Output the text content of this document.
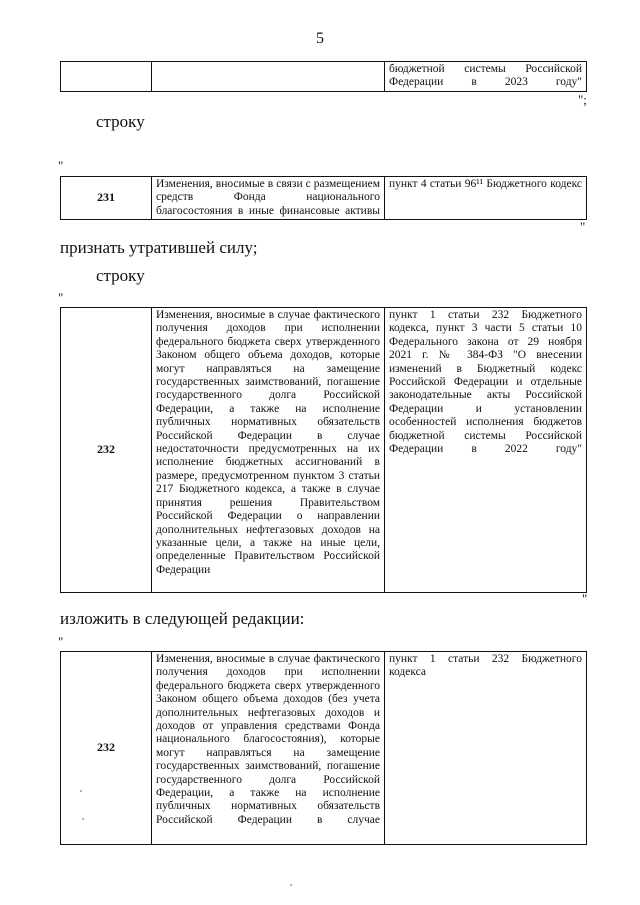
5
		бюджетной системы Российской Федерации в 2023 году"
";
строку
"
231	Изменения, вносимые в связи с размещением средств Фонда национального благосостояния в иные финансовые активы	пункт 4 статьи 96¹¹ Бюджетного кодекс
"
признать утратившей силу;
строку
"
232	Изменения, вносимые в случае фактического получения доходов при исполнении федерального бюджета сверх утвержденного Законом общего объема доходов, которые могут направляться на замещение государственных заимствований, погашение государственного долга Российской Федерации, а также на исполнение публичных нормативных обязательств Российской Федерации в случае недостаточности предусмотренных на их исполнение бюджетных ассигнований в размере, предусмотренном пунктом 3 статьи 217 Бюджетного кодекса, а также в случае принятия решения Правительством Российской Федерации о направлении дополнительных нефтегазовых доходов на указанные цели, а также на иные цели, определенные Правительством Российской Федерации	пункт 1 статьи 232 Бюджетного кодекса, пункт 3 части 5 статьи 10 Федерального закона от 29 ноября 2021 г. № 384-ФЗ "О внесении изменений в Бюджетный кодекс Российской Федерации и отдельные законодательные акты Российской Федерации и установлении особенностей исполнения бюджетов бюджетной системы Российской Федерации в 2022 году"
"
изложить в следующей редакции:
"
232	Изменения, вносимые в случае фактического получения доходов при исполнении федерального бюджета сверх утвержденного Законом общего объема доходов (без учета дополнительных нефтегазовых доходов и доходов от управления средствами Фонда национального благосостояния), которые могут направляться на замещение государственных заимствований, погашение государственного долга Российской Федерации, а также на исполнение публичных нормативных обязательств Российской Федерации в случае	пункт 1 статьи 232 Бюджетного кодекса
